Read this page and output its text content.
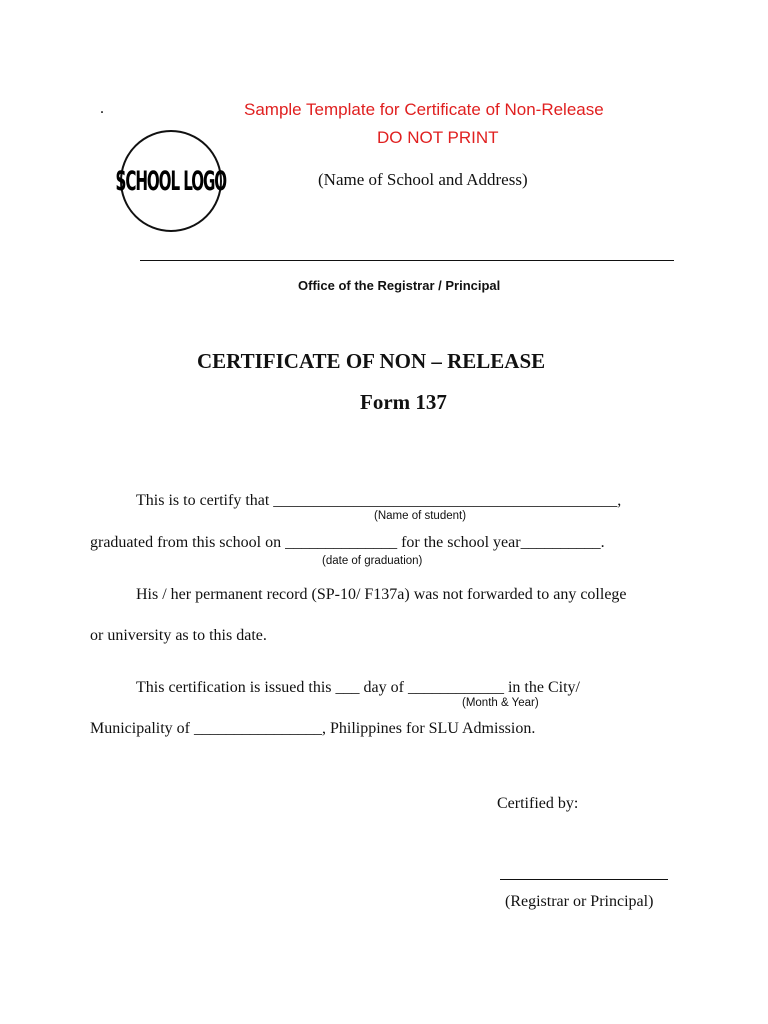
.	Sample Template for Certificate of Non-Release
DO NOT PRINT
SCHOOL LOGO	(Name of School and Address)
Office of the Registrar / Principal
CERTIFICATE OF NON – RELEASE
Form 137
This is to certify that ___________________________________________,
(Name of student)
graduated from this school on ______________ for the school year__________.
(date of graduation)
His / her permanent record (SP-10/ F137a) was not forwarded to any college
or university as to this date.
This certification is issued this ___ day of ____________ in the City/
(Month & Year)
Municipality of ________________, Philippines for SLU Admission.
Certified by:
(Registrar or Principal)
